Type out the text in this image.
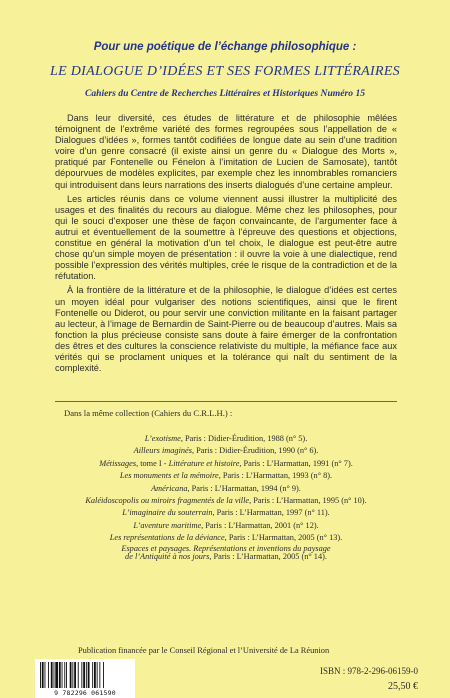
Pour une poétique de l’échange philosophique :
LE DIALOGUE D’IDÉES ET SES FORMES LITTÉRAIRES
Cahiers du Centre de Recherches Littéraires et Historiques Numéro 15

Dans leur diversité, ces études de littérature et de philosophie mêlées témoignent de l’extrême variété des formes regroupées sous l’appellation de « Dialogues d’idées », formes tantôt codifiées de longue date au sein d’une tradition voire d’un genre consacré (il existe ainsi un genre du « Dialogue des Morts », pratiqué par Fontenelle ou Fénelon à l’imitation de Lucien de Samosate), tantôt dépourvues de modèles explicites, par exemple chez les innombrables romanciers qui introduisent dans leurs narrations des inserts dialogués d’une certaine ampleur.

Les articles réunis dans ce volume viennent aussi illustrer la multiplicité des usages et des finalités du recours au dialogue. Même chez les philosophes, pour qui le souci d’exposer une thèse de façon convaincante, de l’argumenter face à autrui et éventuellement de la soumettre à l’épreuve des questions et objections, constitue en général la motivation d’un tel choix, le dialogue est peut-être autre chose qu’un simple moyen de présentation : il ouvre la voie à une dialectique, rend possible l’expression des vérités multiples, crée le risque de la contradiction et de la réfutation.

À la frontière de la littérature et de la philosophie, le dialogue d’idées est certes un moyen idéal pour vulgariser des notions scientifiques, ainsi que le firent Fontenelle ou Diderot, ou pour servir une conviction militante en la faisant partager au lecteur, à l’image de Bernardin de Saint-Pierre ou de beaucoup d’autres. Mais sa fonction la plus précieuse consiste sans doute à faire émerger de la confrontation des êtres et des cultures la conscience relativiste du multiple, la méfiance face aux vérités qui se proclament uniques et la tolérance qui naît du sentiment de la complexité.

Dans la même collection (Cahiers du C.R.L.H.) :
L’exotisme, Paris : Didier-Érudition, 1988 (n° 5).
Ailleurs imaginés, Paris : Didier-Érudition, 1990 (n° 6).
Métissages, tome I - Littérature et histoire, Paris : L’Harmattan, 1991 (n° 7).
Les monuments et la mémoire, Paris : L’Harmattan, 1993 (n° 8).
Américana, Paris : L’Harmattan, 1994 (n° 9).
Kaléidoscopolis ou miroirs fragmentés de la ville, Paris : L’Harmattan, 1995 (n° 10).
L’imaginaire du souterrain, Paris : L’Harmattan, 1997 (n° 11).
L’aventure maritime, Paris : L’Harmattan, 2001 (n° 12).
Les représentations de la déviance, Paris : L’Harmattan, 2005 (n° 13).
Espaces et paysages. Représentations et inventions du paysage
de l’Antiquité à nos jours, Paris : L’Harmattan, 2005 (n° 14).
Publication financée par le Conseil Régional et l’Université de La Réunion
9 782296 061590
ISBN : 978-2-296-06159-0
25,50 €
